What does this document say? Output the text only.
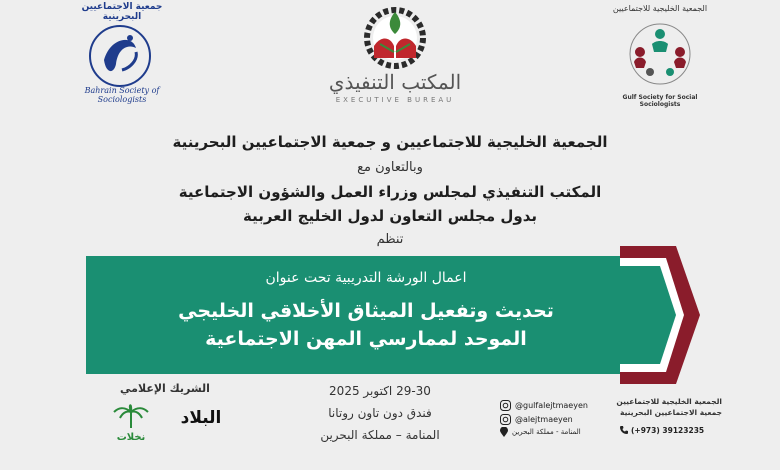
جمعية الاجتماعيين البحرينية
Bahrain Society of Sociologists
المكتب التنفيذي
EXECUTIVE BUREAU
الجمعية الخليجية للاجتماعيين
Gulf Society for Social Sociologists
الجمعية الخليجية للاجتماعيين و جمعية الاجتماعيين البحرينية
وبالتعاون مع
المكتب التنفيذي لمجلس وزراء العمل والشؤون الاجتماعية
بدول مجلس التعاون لدول الخليج العربية
تنظم
اعمال الورشة التدريبية تحت عنوان
تحديث وتفعيل الميثاق الأخلاقي الخليجي
الموحد لممارسي المهن الاجتماعية
الشريك الإعلامي
البلاد
نخلات
29-30 اكتوبر 2025
فندق دون تاون روتانا
المنامة – مملكة البحرين
@gulfalejtmaeyen
@alejtmaeyen
المنامة - مملكة البحرين
الجمعية الخليجية للاجتماعيين
جمعية الاجتماعيين البحرينية
(+973) 39123235
